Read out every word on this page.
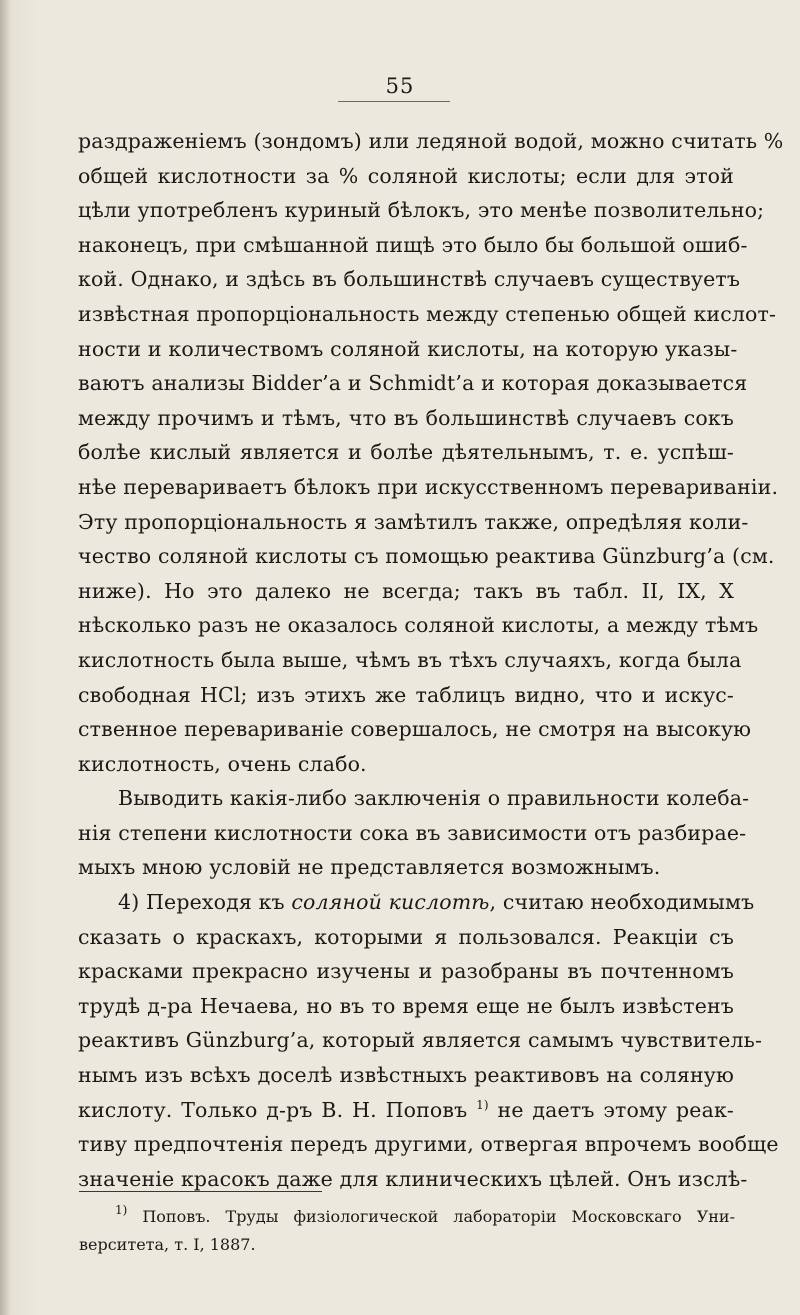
55
раздраженіемъ (зондомъ) или ледяной водой, можно считать %
общей кислотности за % соляной кислоты; если для этой
цѣли употребленъ куриный бѣлокъ, это менѣе позволительно;
наконецъ, при смѣшанной пищѣ это было бы большой ошиб-
кой. Однако, и здѣсь въ большинствѣ случаевъ существуетъ
извѣстная пропорціональность между степенью общей кислот-
ности и количествомъ соляной кислоты, на которую указы-
ваютъ анализы Bidder’а и Schmidt’а и которая доказывается
между прочимъ и тѣмъ, что въ большинствѣ случаевъ сокъ
болѣе кислый является и болѣе дѣятельнымъ, т. е. успѣш-
нѣе перевариваетъ бѣлокъ при искусственномъ перевариваніи.
Эту пропорціональность я замѣтилъ также, опредѣляя коли-
чество соляной кислоты съ помощью реактива Günzburg’а (см.
ниже). Но это далеко не всегда; такъ въ табл. II, IX, X
нѣсколько разъ не оказалось соляной кислоты, а между тѣмъ
кислотность была выше, чѣмъ въ тѣхъ случаяхъ, когда была
свободная HCl; изъ этихъ же таблицъ видно, что и искус-
ственное перевариваніе совершалось, не смотря на высокую
кислотность, очень слабо.
Выводить какія-либо заключенія о правильности колеба-
нія степени кислотности сока въ зависимости отъ разбирае-
мыхъ мною условій не представляется возможнымъ.
4) Переходя къ соляной кислотѣ, считаю необходимымъ
сказать о краскахъ, которыми я пользовался. Реакціи съ
красками прекрасно изучены и разобраны въ почтенномъ
трудѣ д-ра Нечаева, но въ то время еще не былъ извѣстенъ
реактивъ Günzburg’а, который является самымъ чувствитель-
нымъ изъ всѣхъ доселѣ извѣстныхъ реактивовъ на соляную
кислоту. Только д-ръ В. Н. Поповъ $^{1)}$ не даетъ этому реак-
тиву предпочтенія передъ другими, отвергая впрочемъ вообще
значеніе красокъ даже для клиническихъ цѣлей. Онъ изслѣ-
$^{1)}$ Поповъ. Труды физіологической лабораторіи Московскаго Уни-
верситета, т. I, 1887.
